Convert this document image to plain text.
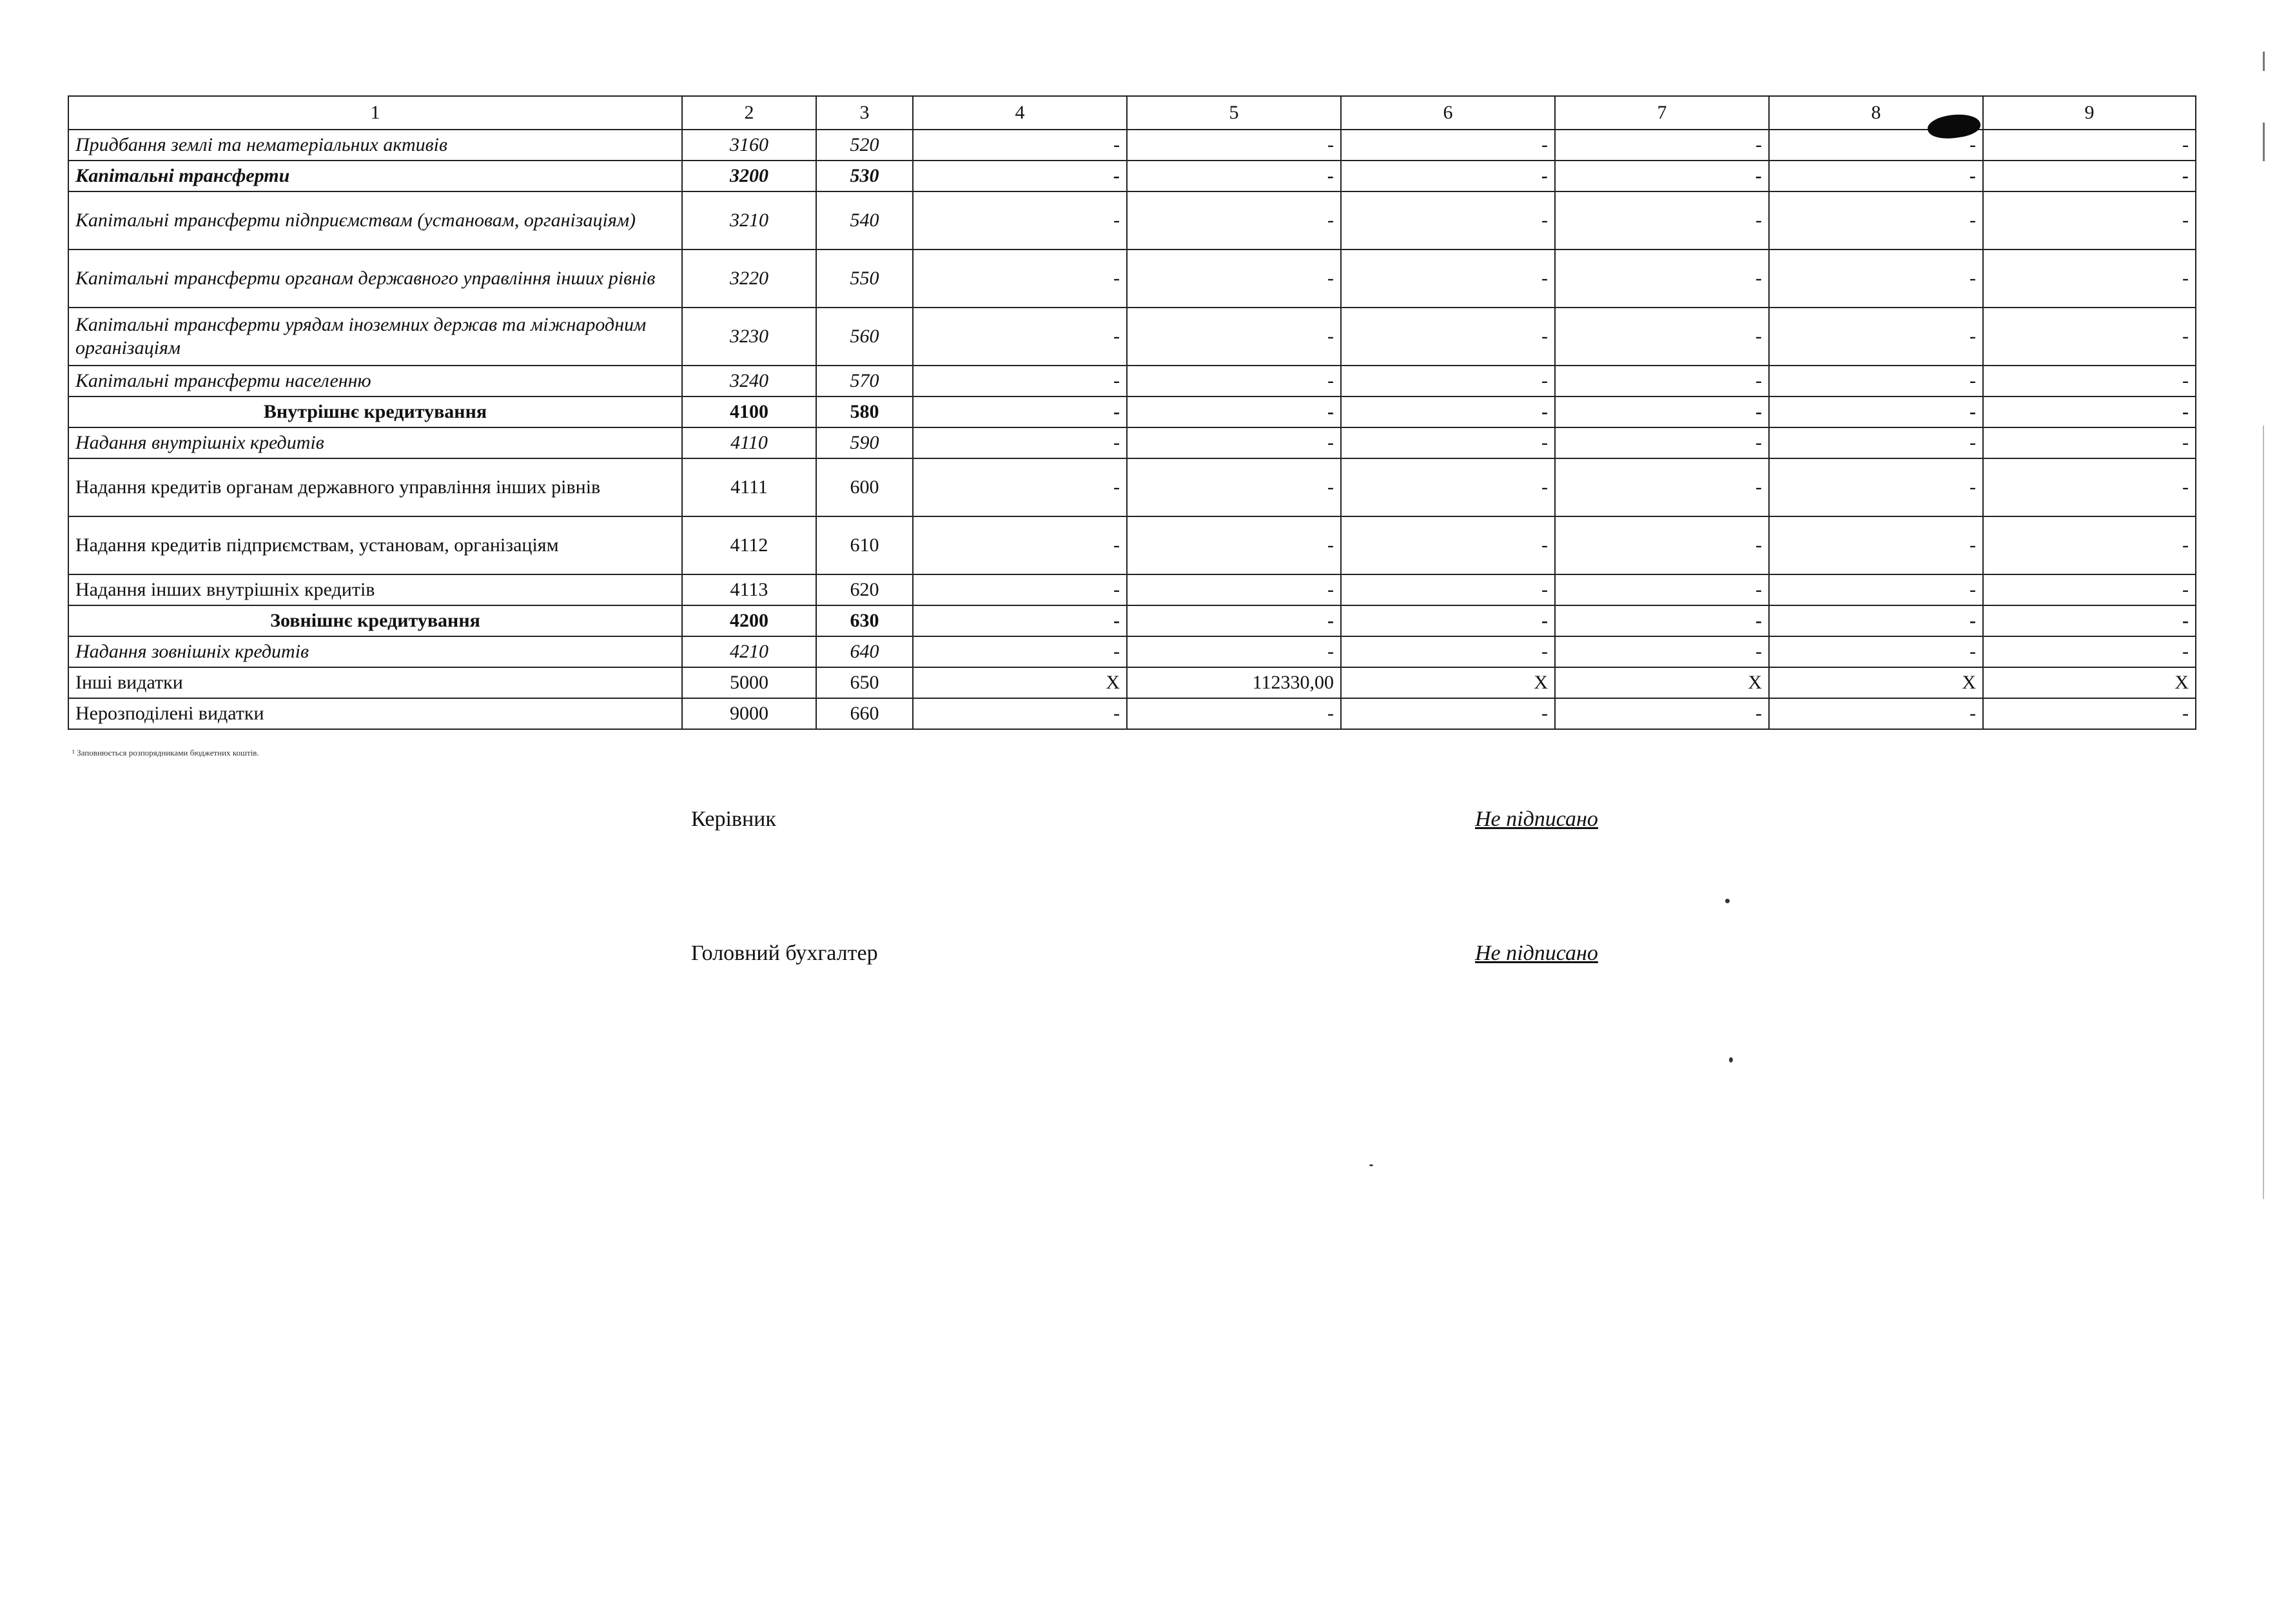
1	2	3	4	5	6	7	8	9
Придбання землі та нематеріальних активів	3160	520	-	-	-	-	-	-
Капітальні трансферти	3200	530	-	-	-	-	-	-
Капітальні трансферти підприємствам (установам, організаціям)	3210	540	-	-	-	-	-	-
Капітальні трансферти органам державного управління інших рівнів	3220	550	-	-	-	-	-	-
Капітальні трансферти урядам іноземних держав та міжнародним організаціям	3230	560	-	-	-	-	-	-
Капітальні трансферти населенню	3240	570	-	-	-	-	-	-
Внутрішнє кредитування	4100	580	-	-	-	-	-	-
Надання внутрішніх кредитів	4110	590	-	-	-	-	-	-
Надання кредитів органам державного управління інших рівнів	4111	600	-	-	-	-	-	-
Надання кредитів підприємствам, установам, організаціям	4112	610	-	-	-	-	-	-
Надання інших внутрішніх кредитів	4113	620	-	-	-	-	-	-
Зовнішнє кредитування	4200	630	-	-	-	-	-	-
Надання зовнішніх кредитів	4210	640	-	-	-	-	-	-
Інші видатки	5000	650	X	112330,00	X	X	X	X
Нерозподілені видатки	9000	660	-	-	-	-	-	-
¹ Заповнюється розпорядниками бюджетних коштів.
Керівник	Не підписано
Головний бухгалтер	Не підписано
